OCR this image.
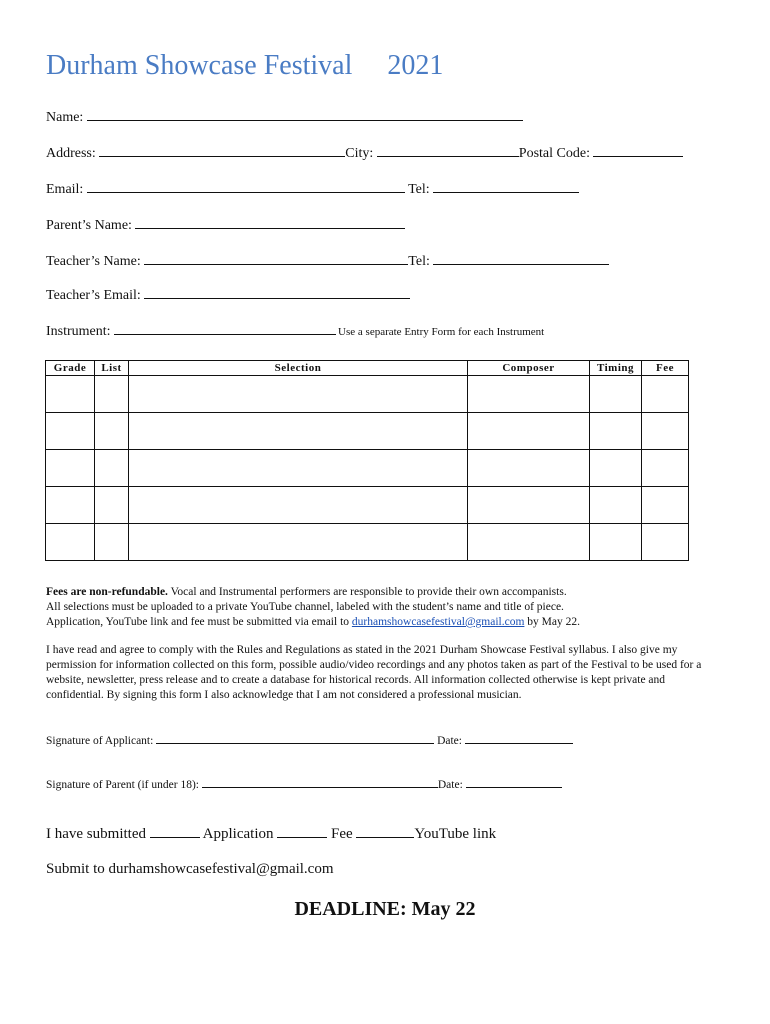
Durham Showcase Festival     2021
Name:
Address:	City:	Postal Code:
Email:	Tel:
Parent’s Name:
Teacher’s Name:	Tel:
Teacher’s Email:
Instrument:	Use a separate Entry Form for each Instrument
Grade	List	Selection	Composer	Timing	Fee

Fees are non-refundable. Vocal and Instrumental performers are responsible to provide their own accompanists.
All selections must be uploaded to a private YouTube channel, labeled with the student’s name and title of piece.
Application, YouTube link and fee must be submitted via email to durhamshowcasefestival@gmail.com by May 22.
I have read and agree to comply with the Rules and Regulations as stated in the 2021 Durham Showcase Festival syllabus. I also give my permission for information collected on this form, possible audio/video recordings and any photos taken as part of the Festival to be used for a website, newsletter, press release and to create a database for historical records. All information collected otherwise is kept private and confidential. By signing this form I also acknowledge that I am not considered a professional musician.
Signature of Applicant:	Date:
Signature of Parent (if under 18):	Date:
I have submitted	Application	Fee	YouTube link
Submit to durhamshowcasefestival@gmail.com
DEADLINE: May 22
